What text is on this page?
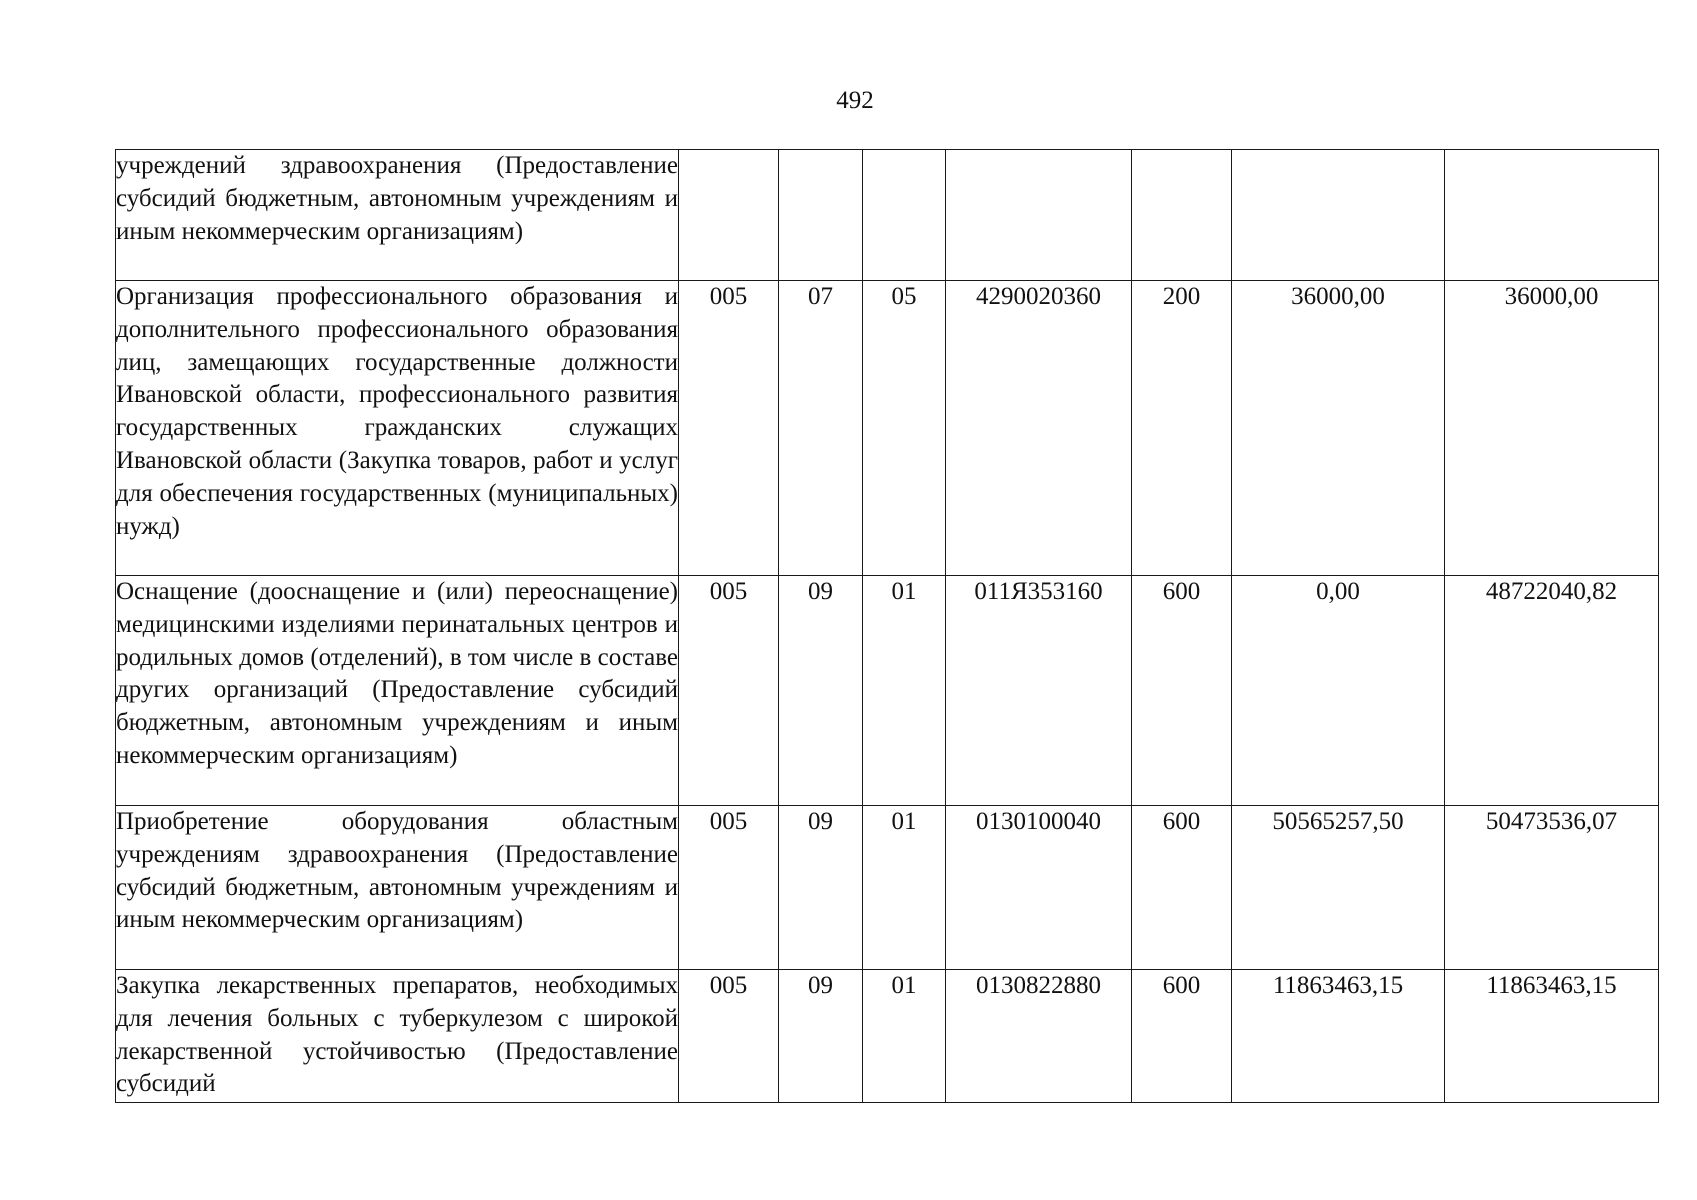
492
учреждений здравоохранения (Предоставление субсидий бюджетным, автономным учреждениям и иным некоммерческим организациям)							
Организация профессионального образования и дополнительного профессионального образования лиц, замещающих государственные должности Ивановской области, профессионального развития государственных гражданских служащих Ивановской области (Закупка товаров, работ и услуг для обеспечения государственных (муниципальных) нужд)	005	07	05	4290020360	200	36000,00	36000,00
Оснащение (дооснащение и (или) переоснащение) медицинскими изделиями перинатальных центров и родильных домов (отделений), в том числе в составе других организаций (Предоставление субсидий бюджетным, автономным учреждениям и иным некоммерческим организациям)	005	09	01	011Я353160	600	0,00	48722040,82
Приобретение оборудования областным учреждениям здравоохранения (Предоставление субсидий бюджетным, автономным учреждениям и иным некоммерческим организациям)	005	09	01	0130100040	600	50565257,50	50473536,07
Закупка лекарственных препаратов, необходимых для лечения больных с туберкулезом с широкой лекарственной устойчивостью (Предоставление субсидий	005	09	01	0130822880	600	11863463,15	11863463,15
